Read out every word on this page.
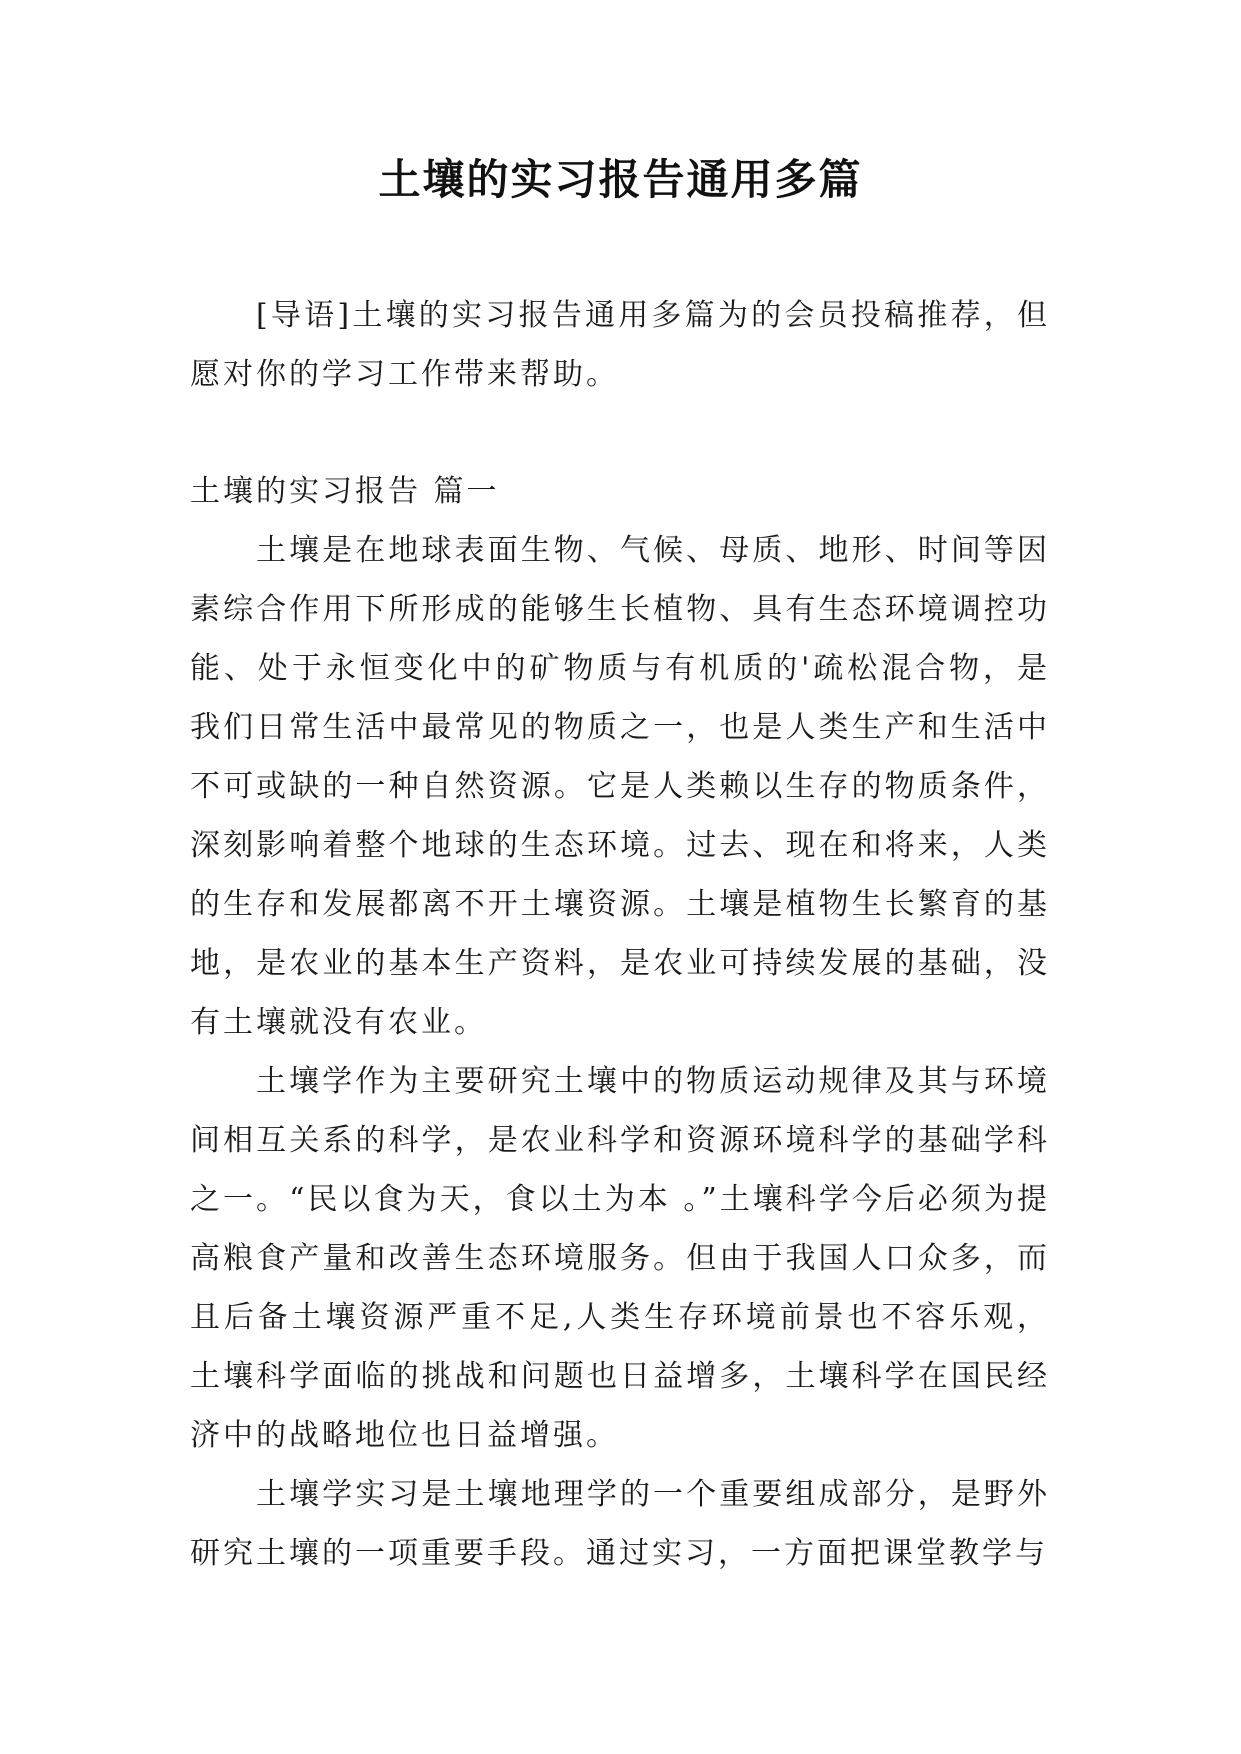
土壤的实习报告通用多篇
[导语]土壤的实习报告通用多篇为的会员投稿推荐，但愿对你的学习工作带来帮助。
土壤的实习报告 篇一

土壤是在地球表面生物、气候、母质、地形、时间等因素综合作用下所形成的能够生长植物、具有生态环境调控功能、处于永恒变化中的矿物质与有机质的'疏松混合物，是我们日常生活中最常见的物质之一，也是人类生产和生活中不可或缺的一种自然资源。它是人类赖以生存的物质条件，深刻影响着整个地球的生态环境。过去、现在和将来，人类的生存和发展都离不开土壤资源。土壤是植物生长繁育的基地，是农业的基本生产资料，是农业可持续发展的基础，没有土壤就没有农业。

土壤学作为主要研究土壤中的物质运动规律及其与环境间相互关系的科学，是农业科学和资源环境科学的基础学科之一。“民以食为天，食以土为本 。”土壤科学今后必须为提高粮食产量和改善生态环境服务。但由于我国人口众多，而且后备土壤资源严重不足,人类生存环境前景也不容乐观，土壤科学面临的挑战和问题也日益增多，土壤科学在国民经济中的战略地位也日益增强。

土壤学实习是土壤地理学的一个重要组成部分，是野外研究土壤的一项重要手段。通过实习，一方面把课堂教学与
